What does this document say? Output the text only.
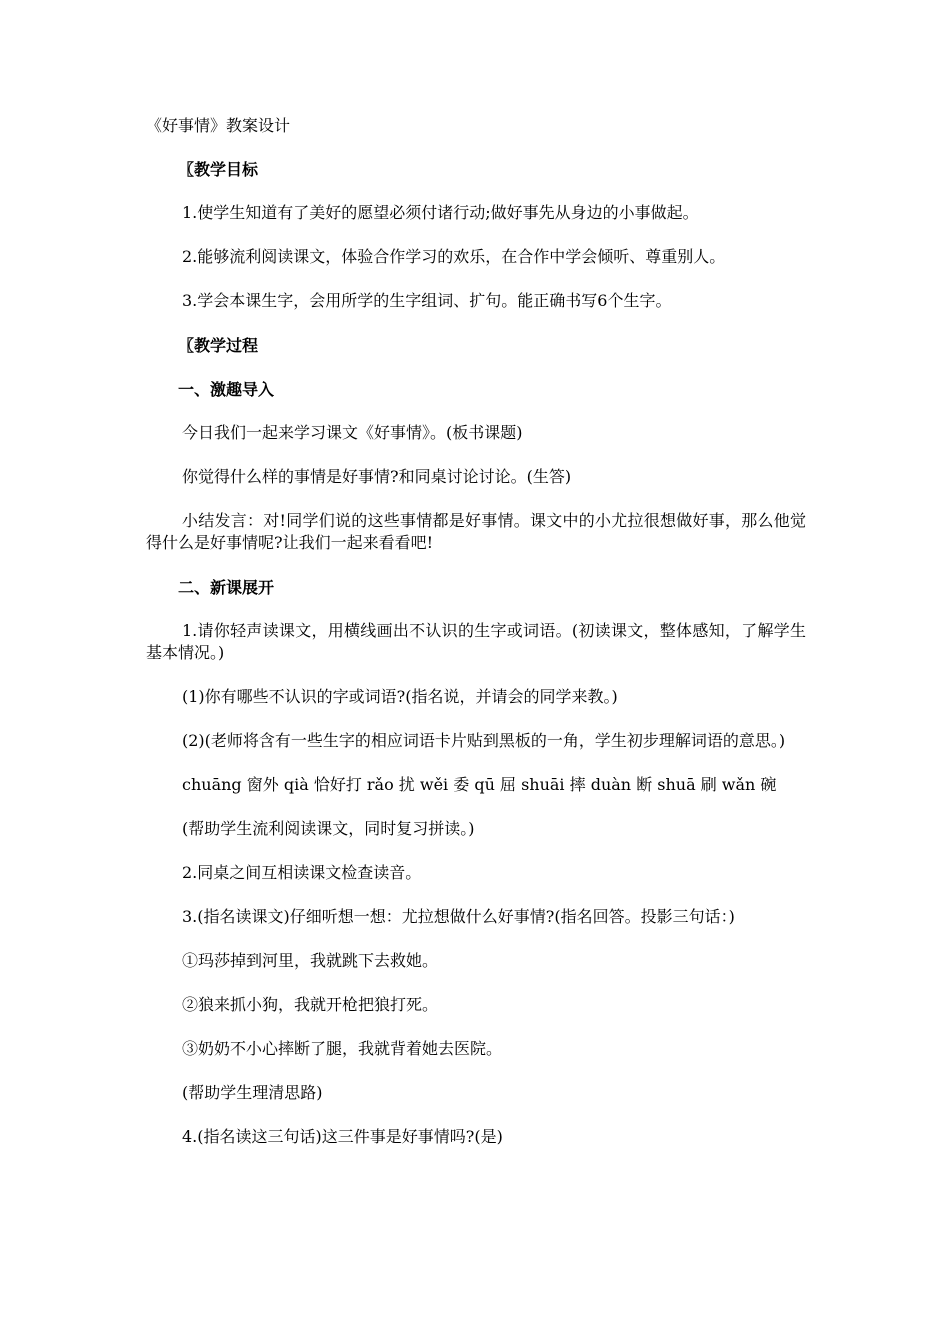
《好事情》教案设计
〖教学目标

1.使学生知道有了美好的愿望必须付诸行动;做好事先从身边的小事做起。

2.能够流利阅读课文，体验合作学习的欢乐，在合作中学会倾听、尊重别人。

3.学会本课生字，会用所学的生字组词、扩句。能正确书写6个生字。

〖教学过程
一、激趣导入

今日我们一起来学习课文《好事情》。(板书课题)

你觉得什么样的事情是好事情?和同桌讨论讨论。(生答)

小结发言：对!同学们说的这些事情都是好事情。课文中的小尤拉很想做好事，那么他觉得什么是好事情呢?让我们一起来看看吧!

二、新课展开

1.请你轻声读课文，用横线画出不认识的生字或词语。(初读课文，整体感知，了解学生基本情况。)

(1)你有哪些不认识的字或词语?(指名说，并请会的同学来教。)

(2)(老师将含有一些生字的相应词语卡片贴到黑板的一角，学生初步理解词语的意思。)

chuāng 窗外 qià 恰好打 rǎo 扰 wěi 委 qū 屈 shuāi 摔 duàn 断 shuā 刷 wǎn 碗

(帮助学生流利阅读课文，同时复习拼读。)

2.同桌之间互相读课文检查读音。

3.(指名读课文)仔细听想一想：尤拉想做什么好事情?(指名回答。投影三句话：)

①玛莎掉到河里，我就跳下去救她。

②狼来抓小狗，我就开枪把狼打死。

③奶奶不小心摔断了腿，我就背着她去医院。

(帮助学生理清思路)

4.(指名读这三句话)这三件事是好事情吗?(是)
